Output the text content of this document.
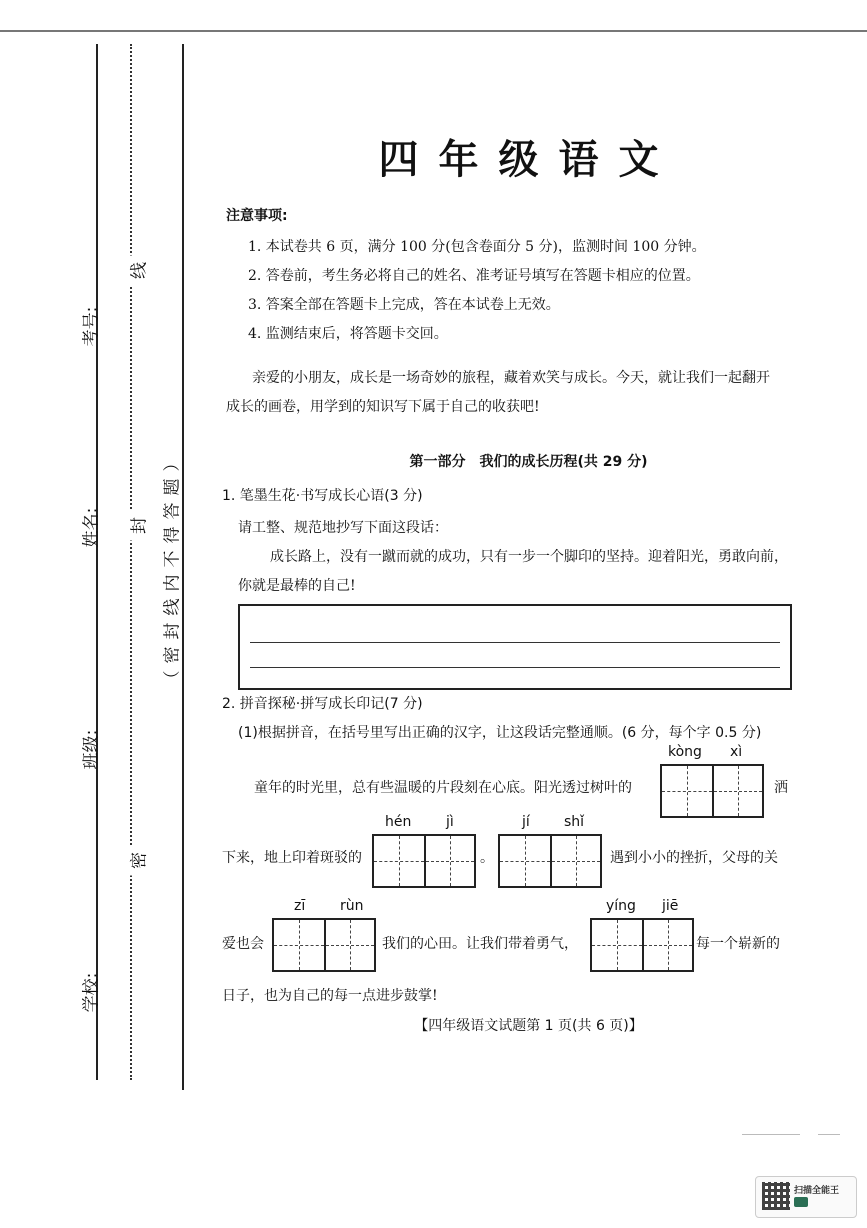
考号:
姓名:
班级:
学校:
线
封
密
（密封线内不得答题）
四年级语文
注意事项:
1. 本试卷共 6 页，满分 100 分(包含卷面分 5 分)，监测时间 100 分钟。
2. 答卷前，考生务必将自己的姓名、准考证号填写在答题卡相应的位置。
3. 答案全部在答题卡上完成，答在本试卷上无效。
4. 监测结束后，将答题卡交回。
亲爱的小朋友，成长是一场奇妙的旅程，藏着欢笑与成长。今天，就让我们一起翻开
成长的画卷，用学到的知识写下属于自己的收获吧!
第一部分　我们的成长历程(共 29 分)
1. 笔墨生花·书写成长心语(3 分)
请工整、规范地抄写下面这段话：
成长路上，没有一蹴而就的成功，只有一步一个脚印的坚持。迎着阳光，勇敢向前，
你就是最棒的自己!
2. 拼音探秘·拼写成长印记(7 分)
(1)根据拼音，在括号里写出正确的汉字，让这段话完整通顺。(6 分，每个字 0.5 分)
童年的时光里，总有些温暖的片段刻在心底。阳光透过树叶的
kòng xì
洒
下来，地上印着斑驳的
hén jì
。
jí shǐ
遇到小小的挫折，父母的关
爱也会
zī rùn
我们的心田。让我们带着勇气，
yíng jiē
每一个崭新的
日子，也为自己的每一点进步鼓掌!
【四年级语文试题第 1 页(共 6 页)】
扫描全能王
